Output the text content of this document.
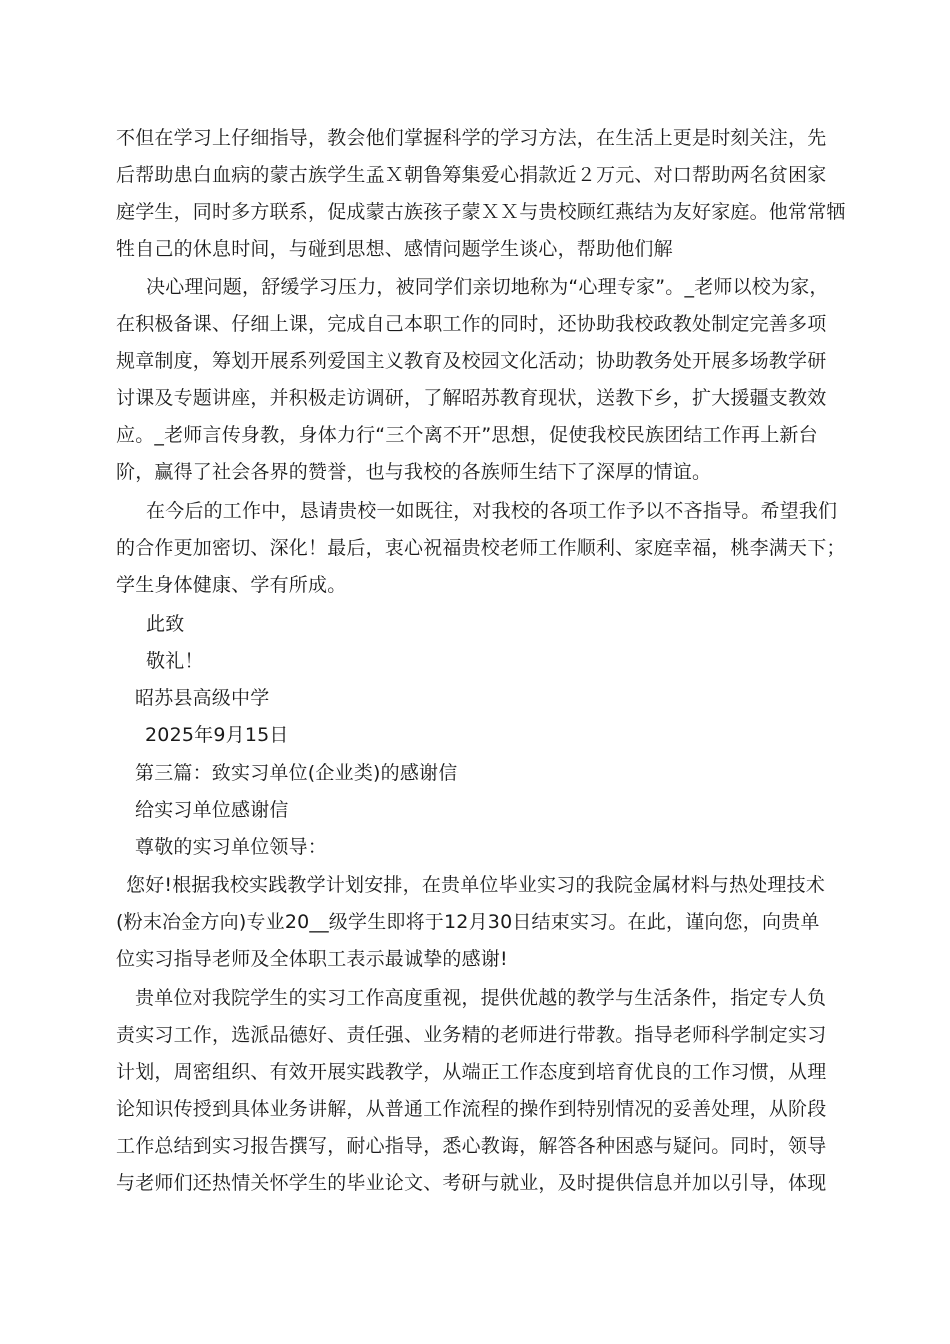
不但在学习上仔细指导，教会他们掌握科学的学习方法，在生活上更是时刻关注，先
后帮助患白血病的蒙古族学生孟Ｘ朝鲁筹集爱心捐款近２万元、对口帮助两名贫困家
庭学生，同时多方联系，促成蒙古族孩子蒙ＸＸ与贵校顾红燕结为友好家庭。他常常牺
牲自己的休息时间，与碰到思想、感情问题学生谈心，帮助他们解
决心理问题，舒缓学习压力，被同学们亲切地称为“心理专家”。_老师以校为家，
在积极备课、仔细上课，完成自己本职工作的同时，还协助我校政教处制定完善多项
规章制度，筹划开展系列爱国主义教育及校园文化活动；协助教务处开展多场教学研
讨课及专题讲座，并积极走访调研，了解昭苏教育现状，送教下乡，扩大援疆支教效
应。_老师言传身教，身体力行“三个离不开”思想，促使我校民族团结工作再上新台
阶，赢得了社会各界的赞誉，也与我校的各族师生结下了深厚的情谊。
在今后的工作中，恳请贵校一如既往，对我校的各项工作予以不吝指导。希望我们
的合作更加密切、深化！最后，衷心祝福贵校老师工作顺利、家庭幸福，桃李满天下；
学生身体健康、学有所成。
此致
敬礼！
昭苏县高级中学
2025年9月15日
第三篇：致实习单位(企业类)的感谢信
给实习单位感谢信
尊敬的实习单位领导：
您好!根据我校实践教学计划安排，在贵单位毕业实习的我院金属材料与热处理技术
(粉末冶金方向)专业20__级学生即将于12月30日结束实习。在此，谨向您，向贵单
位实习指导老师及全体职工表示最诚挚的感谢!
贵单位对我院学生的实习工作高度重视，提供优越的教学与生活条件，指定专人负
责实习工作，选派品德好、责任强、业务精的老师进行带教。指导老师科学制定实习
计划，周密组织、有效开展实践教学，从端正工作态度到培育优良的工作习惯，从理
论知识传授到具体业务讲解，从普通工作流程的操作到特别情况的妥善处理，从阶段
工作总结到实习报告撰写，耐心指导，悉心教诲，解答各种困惑与疑问。同时，领导
与老师们还热情关怀学生的毕业论文、考研与就业，及时提供信息并加以引导，体现
